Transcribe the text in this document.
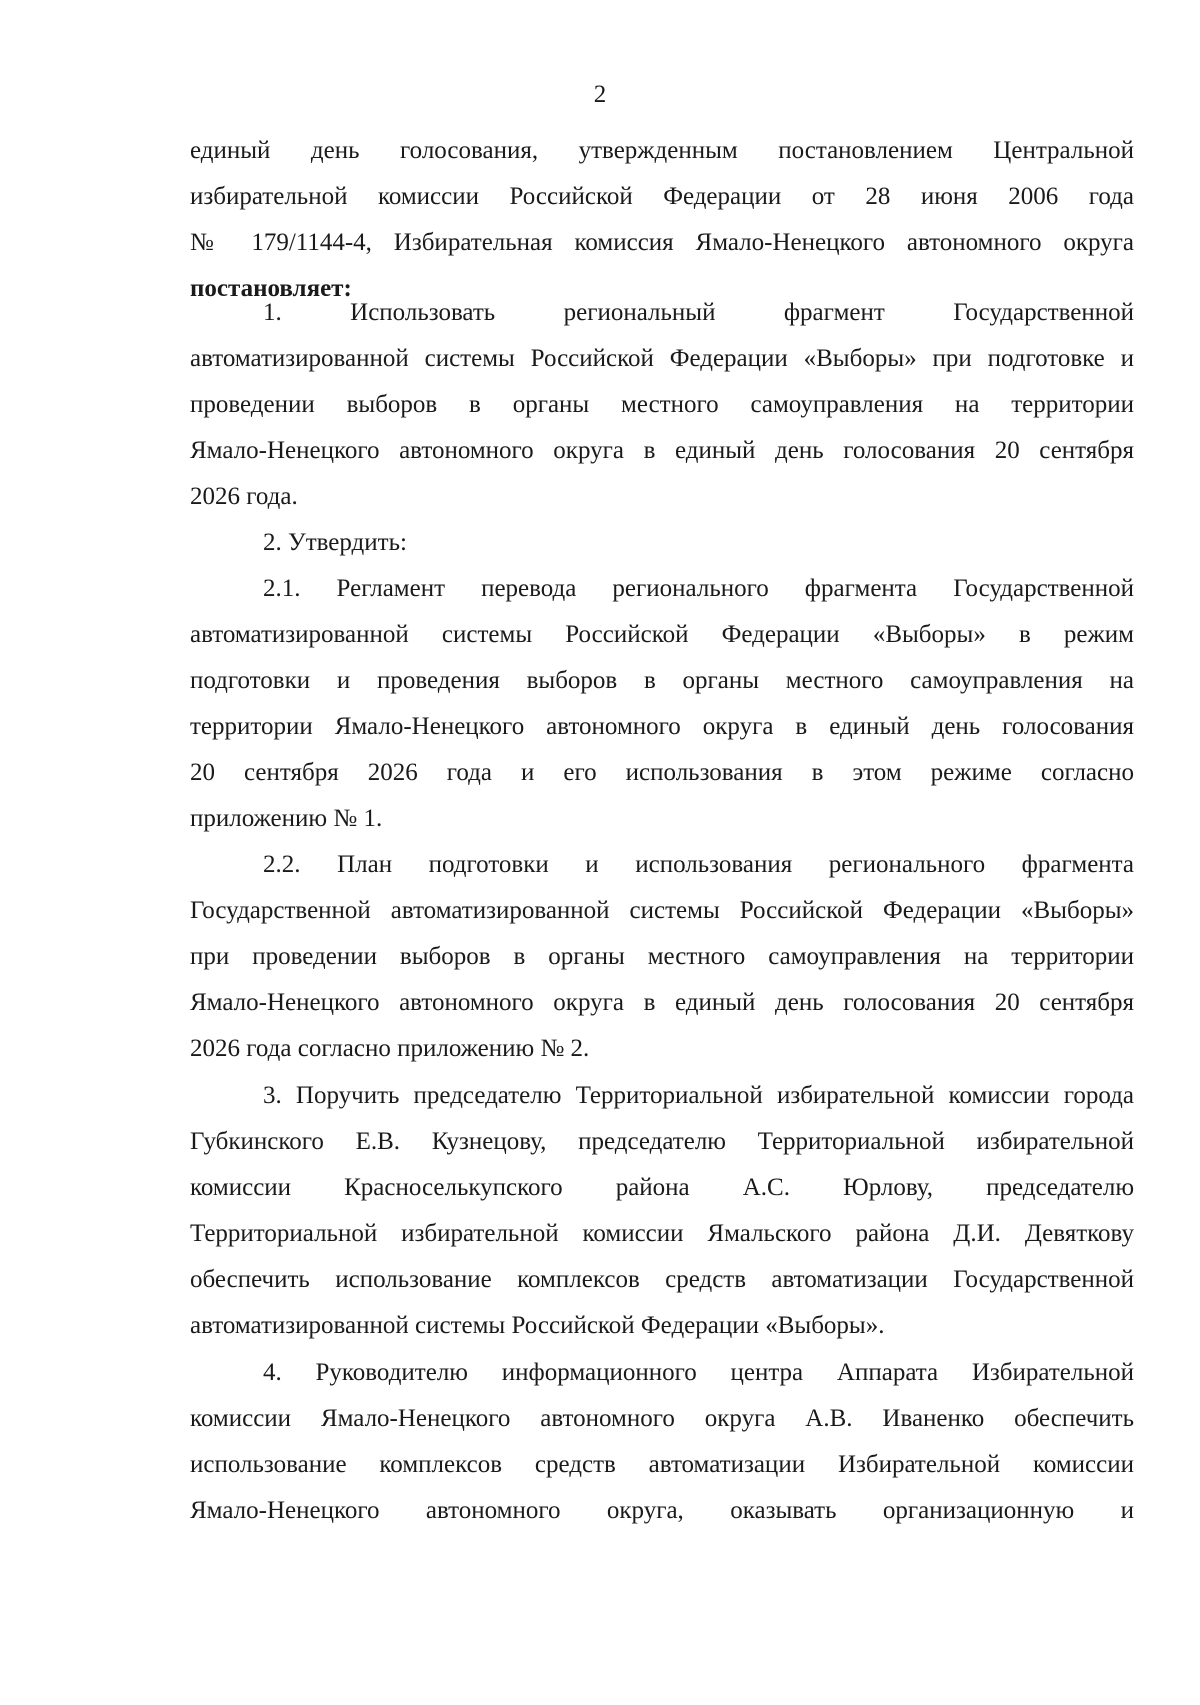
2
единый день голосования, утвержденным постановлением Центральной
избирательной комиссии Российской Федерации от 28 июня 2006 года
№ 179/1144-4, Избирательная комиссия Ямало-Ненецкого автономного округа
постановляет:
1. Использовать региональный фрагмент Государственной
автоматизированной системы Российской Федерации «Выборы» при подготовке и
проведении выборов в органы местного самоуправления на территории
Ямало-Ненецкого автономного округа в единый день голосования 20 сентября
2026 года.
2. Утвердить:
2.1. Регламент перевода регионального фрагмента Государственной
автоматизированной системы Российской Федерации «Выборы» в режим
подготовки и проведения выборов в органы местного самоуправления на
территории Ямало-Ненецкого автономного округа в единый день голосования
20 сентября 2026 года и его использования в этом режиме согласно
приложению № 1.
2.2. План подготовки и использования регионального фрагмента
Государственной автоматизированной системы Российской Федерации «Выборы»
при проведении выборов в органы местного самоуправления на территории
Ямало-Ненецкого автономного округа в единый день голосования 20 сентября
2026 года согласно приложению № 2.
3. Поручить председателю Территориальной избирательной комиссии города
Губкинского Е.В. Кузнецову, председателю Территориальной избирательной
комиссии Красноселькупского района А.С. Юрлову, председателю
Территориальной избирательной комиссии Ямальского района Д.И. Девяткову
обеспечить использование комплексов средств автоматизации Государственной
автоматизированной системы Российской Федерации «Выборы».
4. Руководителю информационного центра Аппарата Избирательной
комиссии Ямало-Ненецкого автономного округа А.В. Иваненко обеспечить
использование комплексов средств автоматизации Избирательной комиссии
Ямало-Ненецкого автономного округа, оказывать организационную и
